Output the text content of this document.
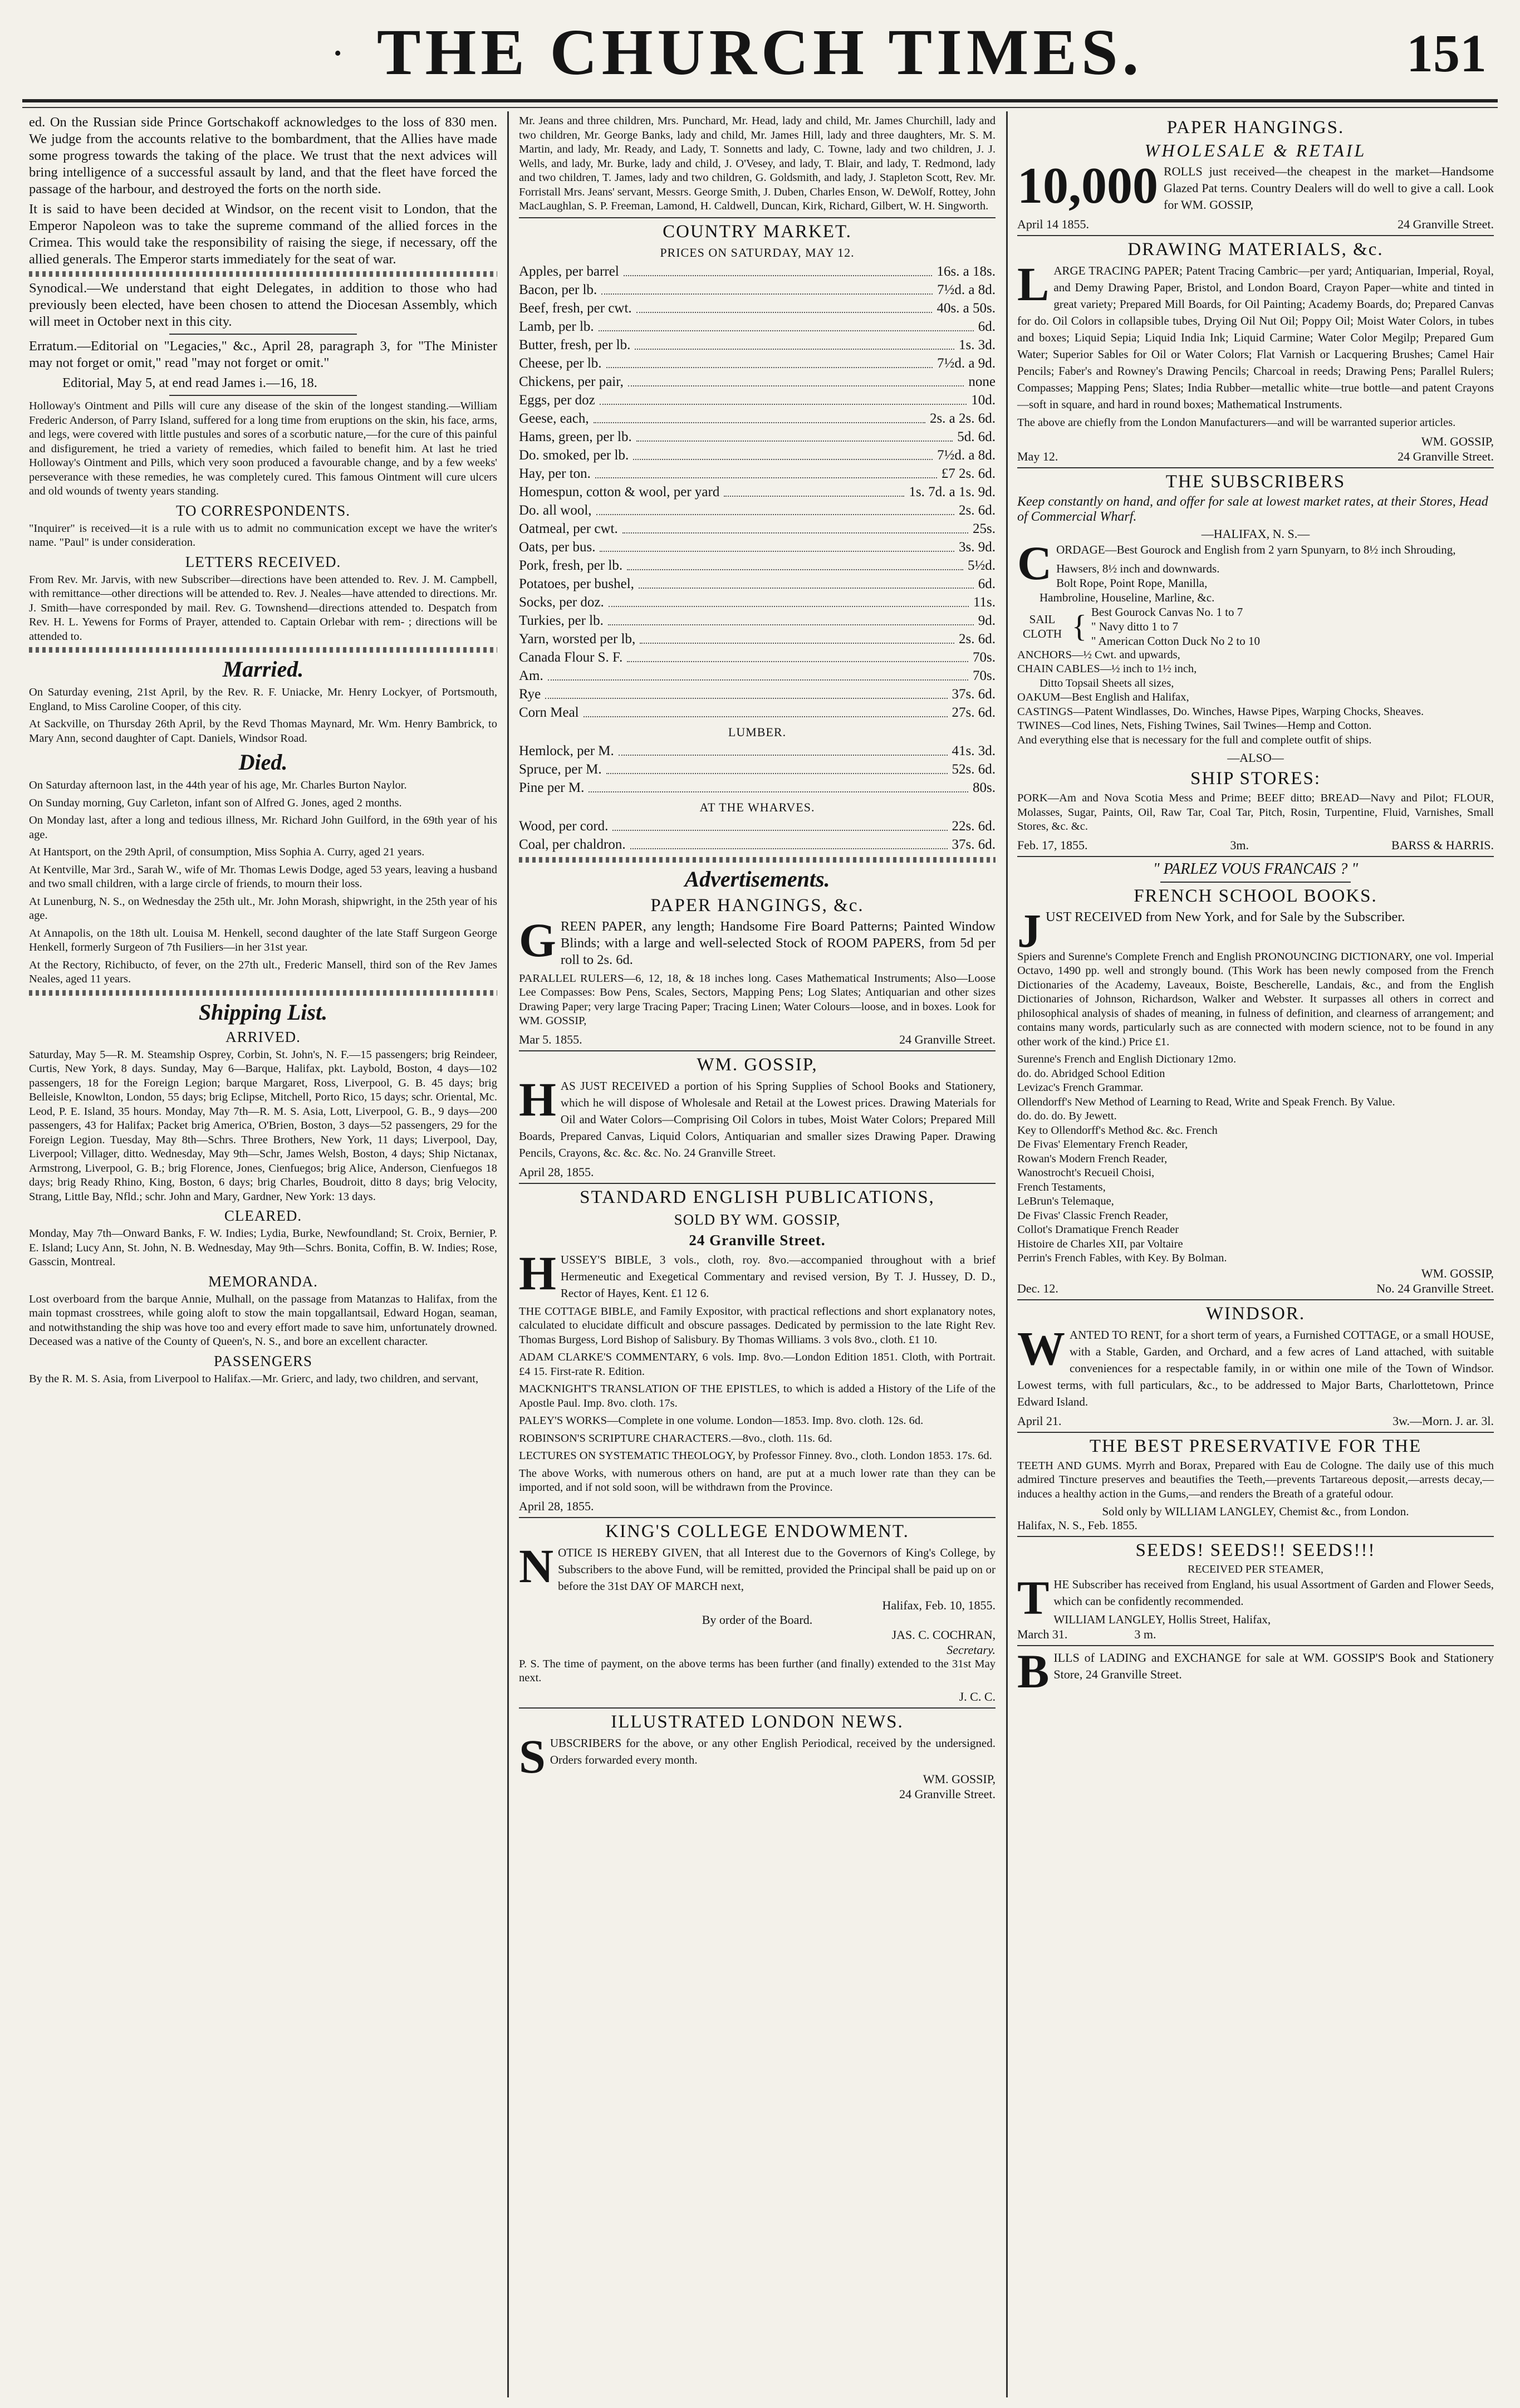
• THE CHURCH TIMES.	151

ed. On the Russian side Prince Gortschakoff acknowledges to the loss of 830 men. We judge from the accounts relative to the bombardment, that the Allies have made some progress towards the taking of the place. We trust that the next advices will bring intelligence of a successful assault by land, and that the fleet have forced the passage of the harbour, and destroyed the forts on the north side.

It is said to have been decided at Windsor, on the recent visit to London, that the Emperor Napoleon was to take the supreme command of the allied forces in the Crimea. This would take the responsibility of raising the siege, if necessary, off the allied generals. The Emperor starts immediately for the seat of war.

Synodical.—We understand that eight Delegates, in addition to those who had previously been elected, have been chosen to attend the Diocesan Assembly, which will meet in October next in this city.

Erratum.—Editorial on "Legacies," &c., April 28, paragraph 3, for "The Minister may not forget or omit," read "may not forget or omit."

Editorial, May 5, at end read James i.—16, 18.

Holloway's Ointment and Pills will cure any disease of the skin of the longest standing.—William Frederic Anderson, of Parry Island, suffered for a long time from eruptions on the skin, his face, arms, and legs, were covered with little pustules and sores of a scorbutic nature,—for the cure of this painful and disfigurement, he tried a variety of remedies, which failed to benefit him. At last he tried Holloway's Ointment and Pills, which very soon produced a favourable change, and by a few weeks' perseverance with these remedies, he was completely cured. This famous Ointment will cure ulcers and old wounds of twenty years standing.

TO CORRESPONDENTS.

"Inquirer" is received—it is a rule with us to admit no communication except we have the writer's name. "Paul" is under consideration.

LETTERS RECEIVED.

From Rev. Mr. Jarvis, with new Subscriber—directions have been attended to. Rev. J. M. Campbell, with remittance—other directions will be attended to. Rev. J. Neales—have attended to directions. Mr. J. Smith—have corresponded by mail. Rev. G. Townshend—directions attended to. Despatch from Rev. H. L. Yewens for Forms of Prayer, attended to. Captain Orlebar with rem- ; directions will be attended to.

Married.

On Saturday evening, 21st April, by the Rev. R. F. Uniacke, Mr. Henry Lockyer, of Portsmouth, England, to Miss Caroline Cooper, of this city.

At Sackville, on Thursday 26th April, by the Revd Thomas Maynard, Mr. Wm. Henry Bambrick, to Mary Ann, second daughter of Capt. Daniels, Windsor Road.

Died.

On Saturday afternoon last, in the 44th year of his age, Mr. Charles Burton Naylor.

On Sunday morning, Guy Carleton, infant son of Alfred G. Jones, aged 2 months.

On Monday last, after a long and tedious illness, Mr. Richard John Guilford, in the 69th year of his age.

At Hantsport, on the 29th April, of consumption, Miss Sophia A. Curry, aged 21 years.

At Kentville, Mar 3rd., Sarah W., wife of Mr. Thomas Lewis Dodge, aged 53 years, leaving a husband and two small children, with a large circle of friends, to mourn their loss.

At Lunenburg, N. S., on Wednesday the 25th ult., Mr. John Morash, shipwright, in the 25th year of his age.

At Annapolis, on the 18th ult. Louisa M. Henkell, second daughter of the late Staff Surgeon George Henkell, formerly Surgeon of 7th Fusiliers—in her 31st year.

At the Rectory, Richibucto, of fever, on the 27th ult., Frederic Mansell, third son of the Rev James Neales, aged 11 years.

Shipping List.
ARRIVED.

Saturday, May 5—R. M. Steamship Osprey, Corbin, St. John's, N. F.—15 passengers; brig Reindeer, Curtis, New York, 8 days. Sunday, May 6—Barque, Halifax, pkt. Laybold, Boston, 4 days—102 passengers, 18 for the Foreign Legion; barque Margaret, Ross, Liverpool, G. B. 45 days; brig Belleisle, Knowlton, London, 55 days; brig Eclipse, Mitchell, Porto Rico, 15 days; schr. Oriental, Mc. Leod, P. E. Island, 35 hours. Monday, May 7th—R. M. S. Asia, Lott, Liverpool, G. B., 9 days—200 passengers, 43 for Halifax; Packet brig America, O'Brien, Boston, 3 days—52 passengers, 29 for the Foreign Legion. Tuesday, May 8th—Schrs. Three Brothers, New York, 11 days; Liverpool, Day, Liverpool; Villager, ditto. Wednesday, May 9th—Schr, James Welsh, Boston, 4 days; Ship Nictanax, Armstrong, Liverpool, G. B.; brig Florence, Jones, Cienfuegos; brig Alice, Anderson, Cienfuegos 18 days; brig Ready Rhino, King, Boston, 6 days; brig Charles, Boudroit, ditto 8 days; brig Velocity, Strang, Little Bay, Nfld.; schr. John and Mary, Gardner, New York: 13 days.

CLEARED.

Monday, May 7th—Onward Banks, F. W. Indies; Lydia, Burke, Newfoundland; St. Croix, Bernier, P. E. Island; Lucy Ann, St. John, N. B. Wednesday, May 9th—Schrs. Bonita, Coffin, B. W. Indies; Rose, Gasscin, Montreal.

MEMORANDA.

Lost overboard from the barque Annie, Mulhall, on the passage from Matanzas to Halifax, from the main topmast crosstrees, while going aloft to stow the main topgallantsail, Edward Hogan, seaman, and notwithstanding the ship was hove too and every effort made to save him, unfortunately drowned. Deceased was a native of the County of Queen's, N. S., and bore an excellent character.

PASSENGERS

By the R. M. S. Asia, from Liverpool to Halifax.—Mr. Grierc, and lady, two children, and servant,

Mr. Jeans and three children, Mrs. Punchard, Mr. Head, lady and child, Mr. James Churchill, lady and two children, Mr. George Banks, lady and child, Mr. James Hill, lady and three daughters, Mr. S. M. Martin, and lady, Mr. Ready, and Lady, T. Sonnetts and lady, C. Towne, lady and two children, J. J. Wells, and lady, Mr. Burke, lady and child, J. O'Vesey, and lady, T. Blair, and lady, T. Redmond, lady and two children, T. James, lady and two children, G. Goldsmith, and lady, J. Stapleton Scott, Rev. Mr. Forristall Mrs. Jeans' servant, Messrs. George Smith, J. Duben, Charles Enson, W. DeWolf, Rottey, John MacLaughlan, S. P. Freeman, Lamond, H. Caldwell, Duncan, Kirk, Richard, Gilbert, W. H. Singworth.

COUNTRY MARKET.
PRICES ON SATURDAY, MAY 12.
Apples, per barrel	16s. a 18s.
Bacon, per lb.	7½d. a 8d.
Beef, fresh, per cwt.	40s. a 50s.
Lamb, per lb.	6d.
Butter, fresh, per lb.	1s. 3d.
Cheese, per lb.	7½d. a 9d.
Chickens, per pair,	none
Eggs, per doz	10d.
Geese, each,	2s. a 2s. 6d.
Hams, green, per lb.	5d. 6d.
Do. smoked, per lb.	7½d. a 8d.
Hay, per ton.	£7 2s. 6d.
Homespun, cotton & wool, per yard	1s. 7d. a 1s. 9d.
Do. all wool,	2s. 6d.
Oatmeal, per cwt.	25s.
Oats, per bus.	3s. 9d.
Pork, fresh, per lb.	5½d.
Potatoes, per bushel,	6d.
Socks, per doz.	11s.
Turkies, per lb.	9d.
Yarn, worsted per lb,	2s. 6d.
Canada Flour S. F.	70s.
Am.	70s.
Rye	37s. 6d.
Corn Meal	27s. 6d.
LUMBER.
Hemlock, per M.	41s. 3d.
Spruce, per M.	52s. 6d.
Pine per M.	80s.
AT THE WHARVES.
Wood, per cord.	22s. 6d.
Coal, per chaldron.	37s. 6d.
Advertisements.
PAPER HANGINGS, &c.

GREEN PAPER, any length; Handsome Fire Board Patterns; Painted Window Blinds; with a large and well-selected Stock of ROOM PAPERS, from 5d per roll to 2s. 6d.

PARALLEL RULERS—6, 12, 18, & 18 inches long. Cases Mathematical Instruments; Also—Loose Lee Compasses: Bow Pens, Scales, Sectors, Mapping Pens; Log Slates; Antiquarian and other sizes Drawing Paper; very large Tracing Paper; Tracing Linen; Water Colours—loose, and in boxes. Look for WM. GOSSIP,

Mar 5. 1855.	24 Granville Street.
WM. GOSSIP,

HAS JUST RECEIVED a portion of his Spring Supplies of School Books and Stationery, which he will dispose of Wholesale and Retail at the Lowest prices. Drawing Materials for Oil and Water Colors—Comprising Oil Colors in tubes, Moist Water Colors; Prepared Mill Boards, Prepared Canvas, Liquid Colors, Antiquarian and smaller sizes Drawing Paper. Drawing Pencils, Crayons, &c. &c. &c. No. 24 Granville Street.

April 28, 1855.
STANDARD ENGLISH PUBLICATIONS,
SOLD BY WM. GOSSIP,
24 Granville Street.

HUSSEY'S BIBLE, 3 vols., cloth, roy. 8vo.—accompanied throughout with a brief Hermeneutic and Exegetical Commentary and revised version, By T. J. Hussey, D. D., Rector of Hayes, Kent. £1 12 6.

THE COTTAGE BIBLE, and Family Expositor, with practical reflections and short explanatory notes, calculated to elucidate difficult and obscure passages. Dedicated by permission to the late Right Rev. Thomas Burgess, Lord Bishop of Salisbury. By Thomas Williams. 3 vols 8vo., cloth. £1 10.

ADAM CLARKE'S COMMENTARY, 6 vols. Imp. 8vo.—London Edition 1851. Cloth, with Portrait. £4 15. First-rate R. Edition.

MACKNIGHT'S TRANSLATION OF THE EPISTLES, to which is added a History of the Life of the Apostle Paul. Imp. 8vo. cloth. 17s.

PALEY'S WORKS—Complete in one volume. London—1853. Imp. 8vo. cloth. 12s. 6d.

ROBINSON'S SCRIPTURE CHARACTERS.—8vo., cloth. 11s. 6d.

LECTURES ON SYSTEMATIC THEOLOGY, by Professor Finney. 8vo., cloth. London 1853. 17s. 6d.

The above Works, with numerous others on hand, are put at a much lower rate than they can be imported, and if not sold soon, will be withdrawn from the Province.

April 28, 1855.
KING'S COLLEGE ENDOWMENT.

NOTICE IS HEREBY GIVEN, that all Interest due to the Governors of King's College, by Subscribers to the above Fund, will be remitted, provided the Principal shall be paid up on or before the 31st DAY OF MARCH next,

Halifax, Feb. 10, 1855.
By order of the Board.
JAS. C. COCHRAN,
Secretary.

P. S. The time of payment, on the above terms has been further (and finally) extended to the 31st May next.

J. C. C.
ILLUSTRATED LONDON NEWS.

SUBSCRIBERS for the above, or any other English Periodical, received by the undersigned. Orders forwarded every month.

WM. GOSSIP,
24 Granville Street.
PAPER HANGINGS.
WHOLESALE & RETAIL

10,000 ROLLS just received—the cheapest in the market—Handsome Glazed Pat terns. Country Dealers will do well to give a call. Look for WM. GOSSIP,

April 14 1855.	24 Granville Street.
DRAWING MATERIALS, &c.

LARGE TRACING PAPER; Patent Tracing Cambric—per yard; Antiquarian, Imperial, Royal, and Demy Drawing Paper, Bristol, and London Board, Crayon Paper—white and tinted in great variety; Prepared Mill Boards, for Oil Painting; Academy Boards, do; Prepared Canvas for do. Oil Colors in collapsible tubes, Drying Oil Nut Oil; Poppy Oil; Moist Water Colors, in tubes and boxes; Liquid Sepia; Liquid India Ink; Liquid Carmine; Water Color Megilp; Prepared Gum Water; Superior Sables for Oil or Water Colors; Flat Varnish or Lacquering Brushes; Camel Hair Pencils; Faber's and Rowney's Drawing Pencils; Charcoal in reeds; Drawing Pens; Parallel Rulers; Compasses; Mapping Pens; Slates; India Rubber—metallic white—true bottle—and patent Crayons—soft in square, and hard in round boxes; Mathematical Instruments.

The above are chiefly from the London Manufacturers—and will be warranted superior articles.

WM. GOSSIP,
May 12.	24 Granville Street.
THE SUBSCRIBERS
Keep constantly on hand, and offer for sale at lowest market rates, at their Stores, Head of Commercial Wharf.
—HALIFAX, N. S.—

CORDAGE—Best Gourock and English from 2 yarn Spunyarn, to 8½ inch Shrouding,

Hawsers, 8½ inch and downwards.

Bolt Rope, Point Rope, Manilla,

Hambroline, Houseline, Marline, &c.

SAIL
CLOTH { Best Gourock Canvas No. 1 to 7
" Navy ditto 1 to 7
" American Cotton Duck No 2 to 10

ANCHORS—½ Cwt. and upwards,

CHAIN CABLES—½ inch to 1½ inch,

Ditto Topsail Sheets all sizes,

OAKUM—Best English and Halifax,

CASTINGS—Patent Windlasses, Do. Winches, Hawse Pipes, Warping Chocks, Sheaves.

TWINES—Cod lines, Nets, Fishing Twines, Sail Twines—Hemp and Cotton.

And everything else that is necessary for the full and complete outfit of ships.

—ALSO—
SHIP STORES:

PORK—Am and Nova Scotia Mess and Prime; BEEF ditto; BREAD—Navy and Pilot; FLOUR, Molasses, Sugar, Paints, Oil, Raw Tar, Coal Tar, Pitch, Rosin, Turpentine, Fluid, Varnishes, Small Stores, &c. &c.

Feb. 17, 1855.	3m.	BARSS & HARRIS.
" PARLEZ VOUS FRANCAIS ? "
FRENCH SCHOOL BOOKS.

JUST RECEIVED from New York, and for Sale by the Subscriber.

Spiers and Surenne's Complete French and English PRONOUNCING DICTIONARY, one vol. Imperial Octavo, 1490 pp. well and strongly bound. (This Work has been newly composed from the French Dictionaries of the Academy, Laveaux, Boiste, Bescherelle, Landais, &c., and from the English Dictionaries of Johnson, Richardson, Walker and Webster. It surpasses all others in correct and philosophical analysis of shades of meaning, in fulness of definition, and clearness of arrangement; and contains many words, particularly such as are connected with modern science, not to be found in any other work of the kind.) Price £1.

Surenne's French and English Dictionary 12mo.

do. do. Abridged School Edition

Levizac's French Grammar.

Ollendorff's New Method of Learning to Read, Write and Speak French. By Value.

do. do. do. By Jewett.

Key to Ollendorff's Method &c. &c. French

De Fivas' Elementary French Reader,

Rowan's Modern French Reader,

Wanostrocht's Recueil Choisi,

French Testaments,

LeBrun's Telemaque,

De Fivas' Classic French Reader,

Collot's Dramatique French Reader

Histoire de Charles XII, par Voltaire

Perrin's French Fables, with Key. By Bolman.

WM. GOSSIP,
Dec. 12.	No. 24 Granville Street.
WINDSOR.

WANTED TO RENT, for a short term of years, a Furnished COTTAGE, or a small HOUSE, with a Stable, Garden, and Orchard, and a few acres of Land attached, with suitable conveniences for a respectable family, in or within one mile of the Town of Windsor. Lowest terms, with full particulars, &c., to be addressed to Major Barts, Charlottetown, Prince Edward Island.

April 21.	3w.—Morn. J. ar. 3l.
THE BEST PRESERVATIVE FOR THE

TEETH AND GUMS. Myrrh and Borax, Prepared with Eau de Cologne. The daily use of this much admired Tincture preserves and beautifies the Teeth,—prevents Tartareous deposit,—arrests decay,—induces a healthy action in the Gums,—and renders the Breath of a grateful odour.

Sold only by WILLIAM LANGLEY, Chemist &c., from London.
Halifax, N. S., Feb. 1855.
SEEDS! SEEDS!! SEEDS!!!
RECEIVED PER STEAMER,

THE Subscriber has received from England, his usual Assortment of Garden and Flower Seeds, which can be confidently recommended.

WILLIAM LANGLEY, Hollis Street, Halifax,
March 31.	3 m.

BILLS of LADING and EXCHANGE for sale at WM. GOSSIP'S Book and Stationery Store, 24 Granville Street.
